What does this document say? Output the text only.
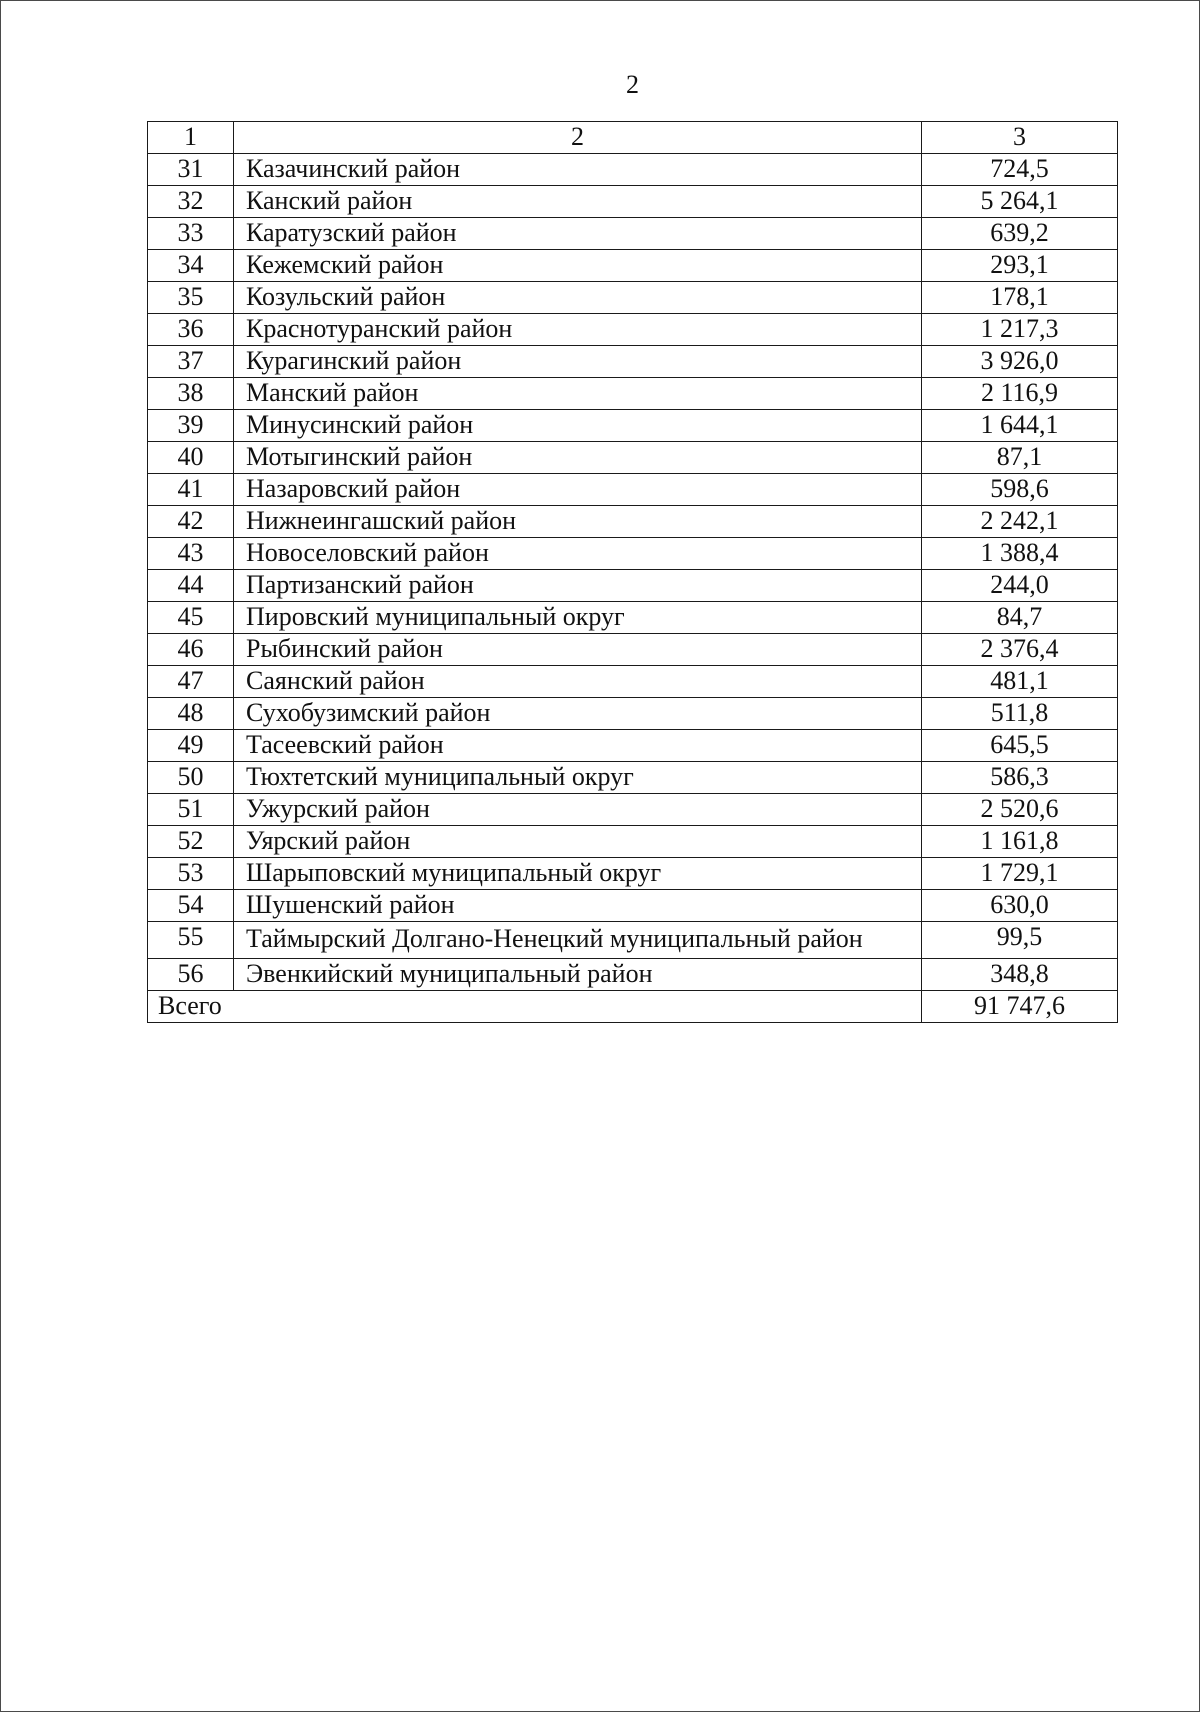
2
1	2	3
31	Казачинский район	724,5
32	Канский район	5 264,1
33	Каратузский район	639,2
34	Кежемский район	293,1
35	Козульский район	178,1
36	Краснотуранский район	1 217,3
37	Курагинский район	3 926,0
38	Манский район	2 116,9
39	Минусинский район	1 644,1
40	Мотыгинский район	87,1
41	Назаровский район	598,6
42	Нижнеингашский район	2 242,1
43	Новоселовский район	1 388,4
44	Партизанский район	244,0
45	Пировский муниципальный округ	84,7
46	Рыбинский район	2 376,4
47	Саянский район	481,1
48	Сухобузимский район	511,8
49	Тасеевский район	645,5
50	Тюхтетский муниципальный округ	586,3
51	Ужурский район	2 520,6
52	Уярский район	1 161,8
53	Шарыповский муниципальный округ	1 729,1
54	Шушенский район	630,0
55	Таймырский Долгано-Ненецкий муниципальный район	99,5
56	Эвенкийский муниципальный район	348,8
Всего		91 747,6
